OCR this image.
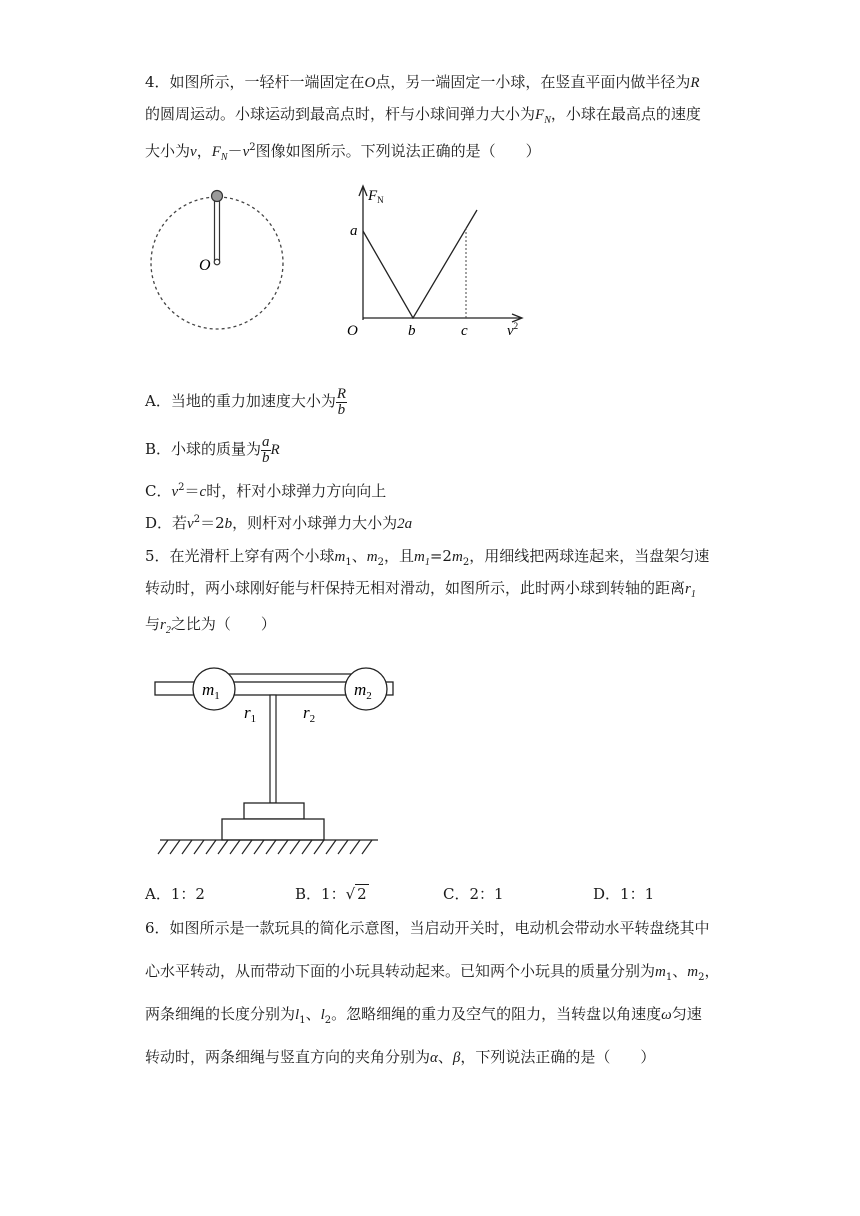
4．如图所示，一轻杆一端固定在O点，另一端固定一小球，在竖直平面内做半径为R
的圆周运动。小球运动到最高点时，杆与小球间弹力大小为$F_N$，小球在最高点的速度
大小为v，$F_N-v^2$图像如图所示。下列说法正确的是（　　）
O
$F_N$
a
O	b	c	$v^2$
A．当地的重力加速度大小为 $\frac{R}{b}$
B．小球的质量为 $\frac{a}{b}$ R
C．$v^2=c$时，杆对小球弹力方向向上
D．若$v^2=2b$，则杆对小球弹力大小为2a
5．在光滑杆上穿有两个小球$m_1$、$m_2$，且$m_1=2m_2$，用细线把两球连起来，当盘架匀速
转动时，两小球刚好能与杆保持无相对滑动，如图所示，此时两小球到转轴的距离$r_1$
与$r_2$之比为（　　）
$m_1$	$m_2$
$r_1$	$r_2$
A．1：2	B．1：√ 2	C．2：1	D．1：1
6．如图所示是一款玩具的简化示意图，当启动开关时，电动机会带动水平转盘绕其中
心水平转动，从而带动下面的小玩具转动起来。已知两个小玩具的质量分别为$m_1$、$m_2$，
两条细绳的长度分别为$l_1$、$l_2$。忽略细绳的重力及空气的阻力，当转盘以角速度ω匀速
转动时，两条细绳与竖直方向的夹角分别为α、β，下列说法正确的是（　　）
